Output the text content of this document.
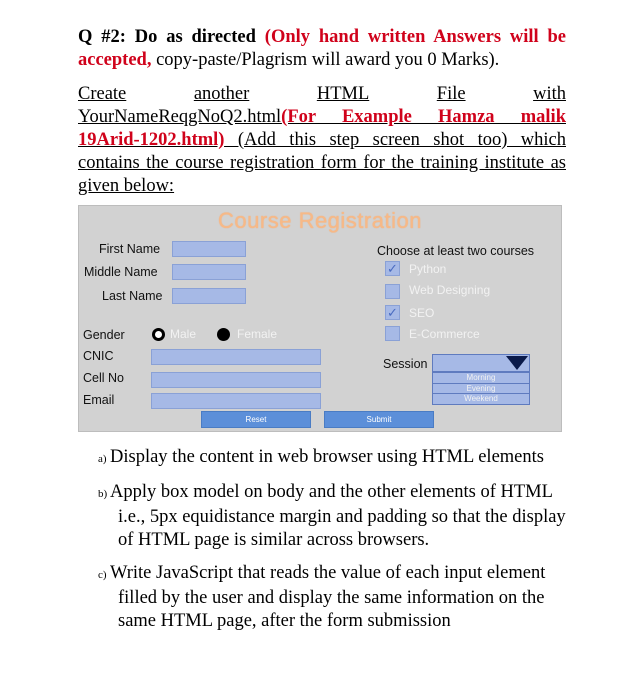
Q #2: Do as directed (Only hand written Answers will be accepted, copy-paste/Plagrism will award you 0 Marks).
Create	another	HTML	File	with
YourNameReqgNoQ2.html(For Example Hamza malik 19Arid-1202.html) (Add this step screen shot too) which contains the course registration form for the training institute as given below:
Course Registration
First Name
Middle Name
Last Name
Gender	Male	Female
CNIC
Cell No
Email
Choose at least two courses
✓ Python
Web Designing
✓ SEO
E-Commerce
Session
Morning
Evening
Weekend
Reset	Submit
a) Display the content in web browser using HTML elements
b) Apply box model on body and the other elements of HTML i.e., 5px equidistance margin and padding so that the display of HTML page is similar across browsers.
c) Write JavaScript that reads the value of each input element filled by the user and display the same information on the same HTML page, after the form submission
